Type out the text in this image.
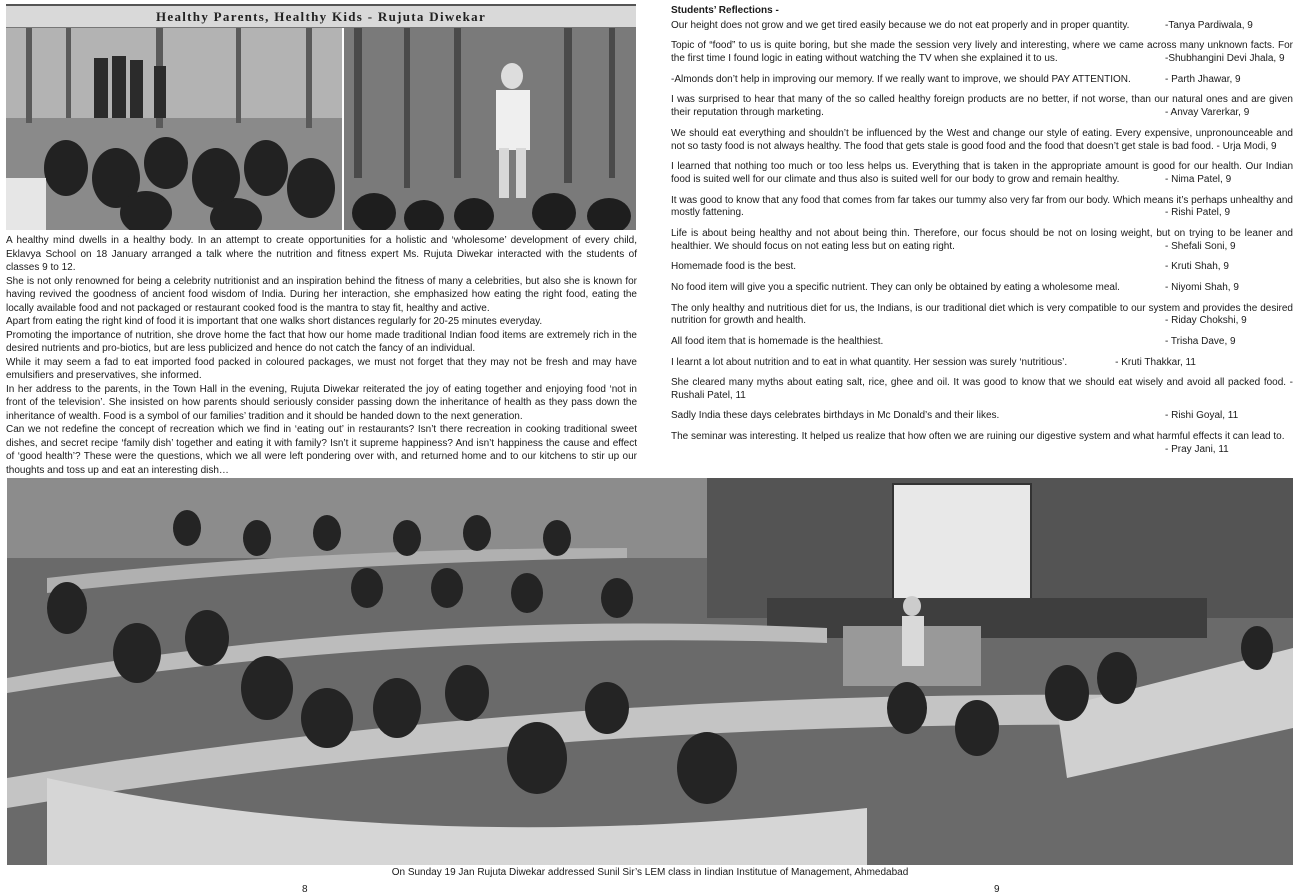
Healthy Parents, Healthy Kids - Rujuta Diwekar

A healthy mind dwells in a healthy body. In an attempt to create opportunities for a holistic and ‘wholesome’ development of every child, Eklavya School on 18 January arranged a talk where the nutrition and fitness expert Ms. Rujuta Diwekar interacted with the students of classes 9 to 12.

She is not only renowned for being a celebrity nutritionist and an inspiration behind the fitness of many a celebrities, but also she is known for having revived the goodness of ancient food wisdom of India. During her interaction, she emphasized how eating the right food, eating the locally available food and not packaged or restaurant cooked food is the mantra to stay fit, healthy and active.

Apart from eating the right kind of food it is important that one walks short distances regularly for 20-25 minutes everyday.

Promoting the importance of nutrition, she drove home the fact that how our home made traditional Indian food items are extremely rich in the desired nutrients and pro-biotics, but are less publicized and hence do not catch the fancy of an individual.

While it may seem a fad to eat imported food packed in coloured packages, we must not forget that they may not be fresh and may have emulsifiers and preservatives, she informed.

In her address to the parents, in the Town Hall in the evening, Rujuta Diwekar reiterated the joy of eating together and enjoying food ‘not in front of the television’. She insisted on how parents should seriously consider passing down the inheritance of health as they pass down the inheritance of wealth. Food is a symbol of our families’ tradition and it should be handed down to the next generation.

Can we not redefine the concept of recreation which we find in ‘eating out’ in restaurants? Isn’t there recreation in cooking traditional sweet dishes, and secret recipe ‘family dish’ together and eating it with family? Isn’t it supreme happiness? And isn’t happiness the cause and effect of ‘good health’? These were the questions, which we all were left pondering over with, and returned home and to our kitchens to stir up our thoughts and toss up and eat an interesting dish…

Students’ Reflections -
-Tanya Pardiwala, 9
Our height does not grow and we get tired easily because we do not eat properly and in proper quantity.
Topic of “food” to us is quite boring, but she made the session very lively and interesting, where we came across many unknown facts. For the first time I found logic in eating without watching the TV when she explained it to us.	-Shubhangini Devi Jhala, 9
- Parth Jhawar, 9
-Almonds don’t help in improving our memory. If we really want to improve, we should PAY ATTENTION.
I was surprised to hear that many of the so called healthy foreign products are no better, if not worse, than our natural ones and are given their reputation through marketing.	- Anvay Varerkar, 9
We should eat everything and shouldn’t be influenced by the West and change our style of eating. Every expensive, unpronounceable and not so tasty food is not always healthy. The food that gets stale is good food and the food that doesn’t get stale is bad food. - Urja Modi, 9
I learned that nothing too much or too less helps us. Everything that is taken in the appropriate amount is good for our health. Our Indian food is suited well for our climate and thus also is suited well for our body to grow and remain healthy.	- Nima Patel, 9
It was good to know that any food that comes from far takes our tummy also very far from our body. Which means it’s perhaps unhealthy and mostly fattening.	- Rishi Patel, 9
Life is about being healthy and not about being thin. Therefore, our focus should be not on losing weight, but on trying to be leaner and healthier. We should focus on not eating less but on eating right.	- Shefali Soni, 9
- Kruti Shah, 9
Homemade food is the best.
- Niyomi Shah, 9
No food item will give you a specific nutrient. They can only be obtained by eating a wholesome meal.
The only healthy and nutritious diet for us, the Indians, is our traditional diet which is very compatible to our system and provides the desired nutrition for growth and health.	- Riday Chokshi, 9
- Trisha Dave, 9
All food item that is homemade is the healthiest.
I learnt a lot about nutrition and to eat in what quantity. Her session was surely ‘nutritious’.	- Kruti Thakkar, 11
She cleared many myths about eating salt, rice, ghee and oil. It was good to know that we should eat wisely and avoid all packed food. - Rushali Patel, 11
- Rishi Goyal, 11
Sadly India these days celebrates birthdays in Mc Donald’s and their likes.
The seminar was interesting. It helped us realize that how often we are ruining our digestive system and what harmful effects it can lead to.
- Pray Jani, 11
On Sunday 19 Jan Rujuta Diwekar addressed Sunil Sir’s LEM class in Iindian Institutue of Management, Ahmedabad
8	9
